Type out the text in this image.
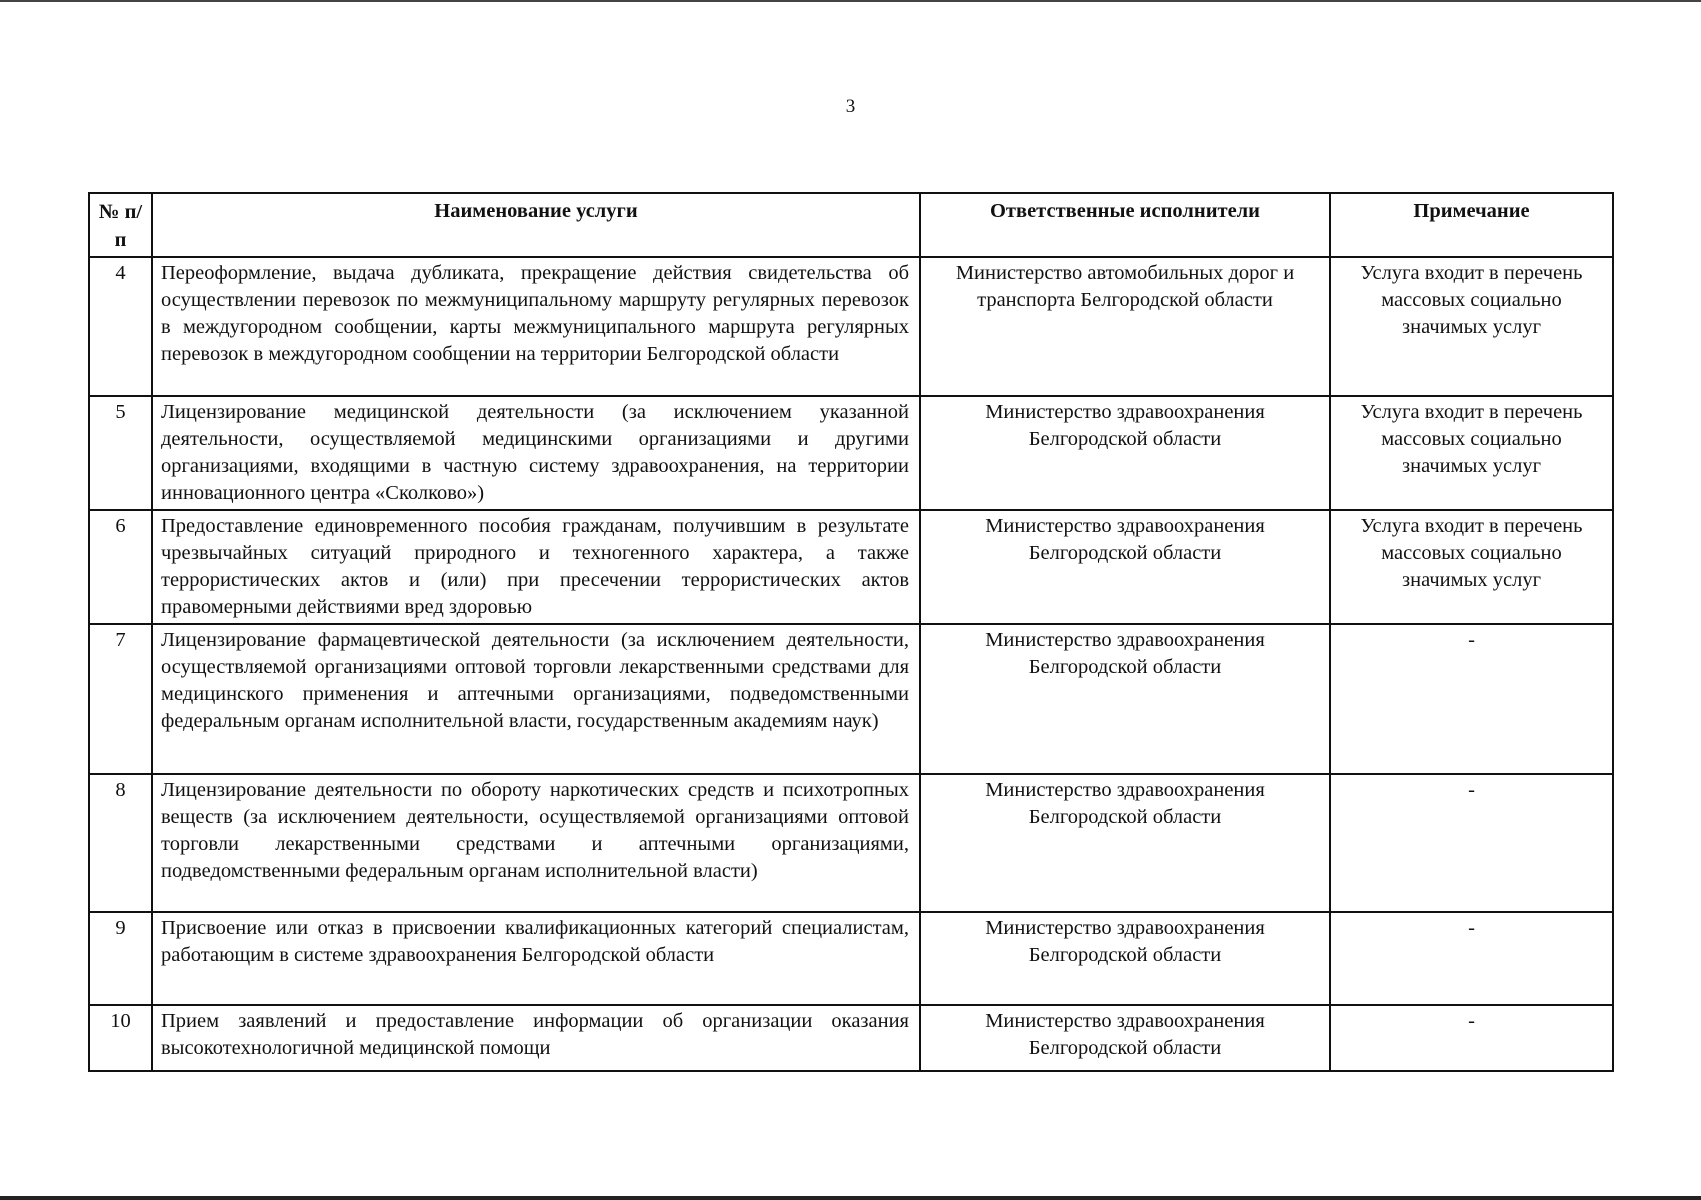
3
№ п/п	Наименование услуги	Ответственные исполнители	Примечание
4	Переоформление, выдача дубликата, прекращение действия свидетельства об осуществлении перевозок по межмуниципальному маршруту регулярных перевозок в междугородном сообщении, карты межмуниципального маршрута регулярных перевозок в междугородном сообщении на территории Белгородской области	Министерство автомобильных дорог и транспорта Белгородской области	Услуга входит в перечень массовых социально значимых услуг
5	Лицензирование медицинской деятельности (за исключением указанной деятельности, осуществляемой медицинскими организациями и другими организациями, входящими в частную систему здравоохранения, на территории инновационного центра «Сколково»)	Министерство здравоохранения Белгородской области	Услуга входит в перечень массовых социально значимых услуг
6	Предоставление единовременного пособия гражданам, получившим в результате чрезвычайных ситуаций природного и техногенного характера, а также террористических актов и (или) при пресечении террористических актов правомерными действиями вред здоровью	Министерство здравоохранения Белгородской области	Услуга входит в перечень массовых социально значимых услуг
7	Лицензирование фармацевтической деятельности (за исключением деятельности, осуществляемой организациями оптовой торговли лекарственными средствами для медицинского применения и аптечными организациями, подведомственными федеральным органам исполнительной власти, государственным академиям наук)	Министерство здравоохранения Белгородской области	-
8	Лицензирование деятельности по обороту наркотических средств и психотропных веществ (за исключением деятельности, осуществляемой организациями оптовой торговли лекарственными средствами и аптечными организациями, подведомственными федеральным органам исполнительной власти)	Министерство здравоохранения Белгородской области	-
9	Присвоение или отказ в присвоении квалификационных категорий специалистам, работающим в системе здравоохранения Белгородской области	Министерство здравоохранения Белгородской области	-
10	Прием заявлений и предоставление информации об организации оказания высокотехнологичной медицинской помощи	Министерство здравоохранения Белгородской области	-
